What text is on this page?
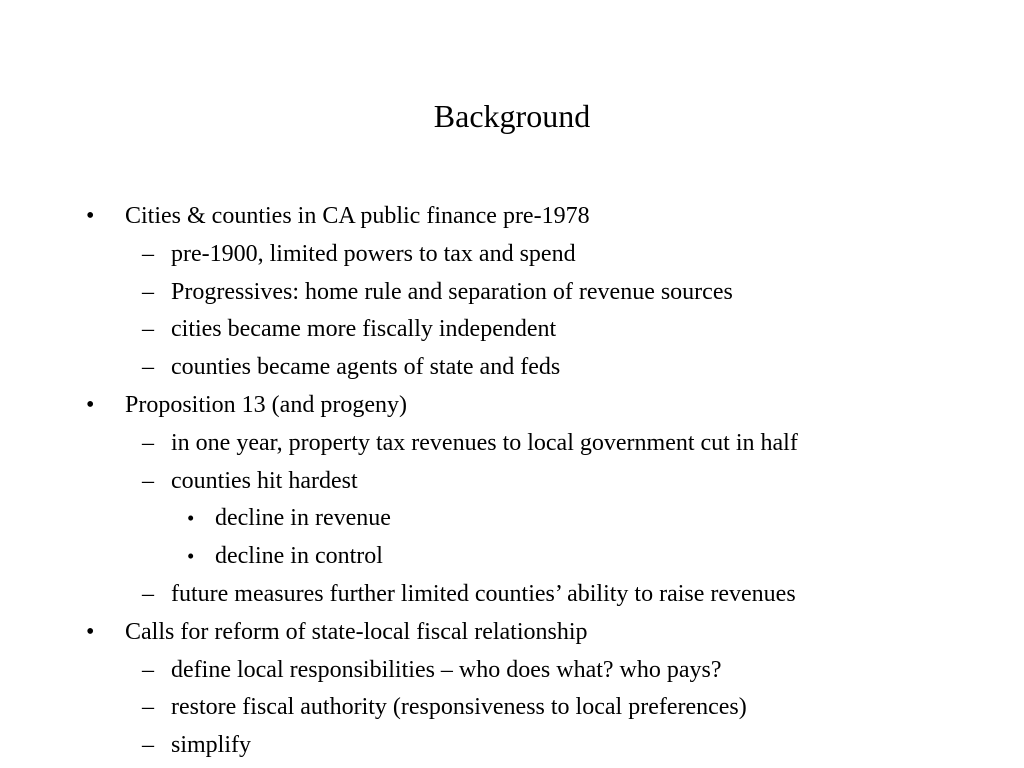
Background
• Cities & counties in CA public finance pre-1978
– pre-1900, limited powers to tax and spend
– Progressives: home rule and separation of revenue sources
– cities became more fiscally independent
– counties became agents of state and feds
• Proposition 13 (and progeny)
– in one year, property tax revenues to local government cut in half
– counties hit hardest
• decline in revenue
• decline in control
– future measures further limited counties’ ability to raise revenues
• Calls for reform of state-local fiscal relationship
– define local responsibilities – who does what? who pays?
– restore fiscal authority (responsiveness to local preferences)
– simplify
